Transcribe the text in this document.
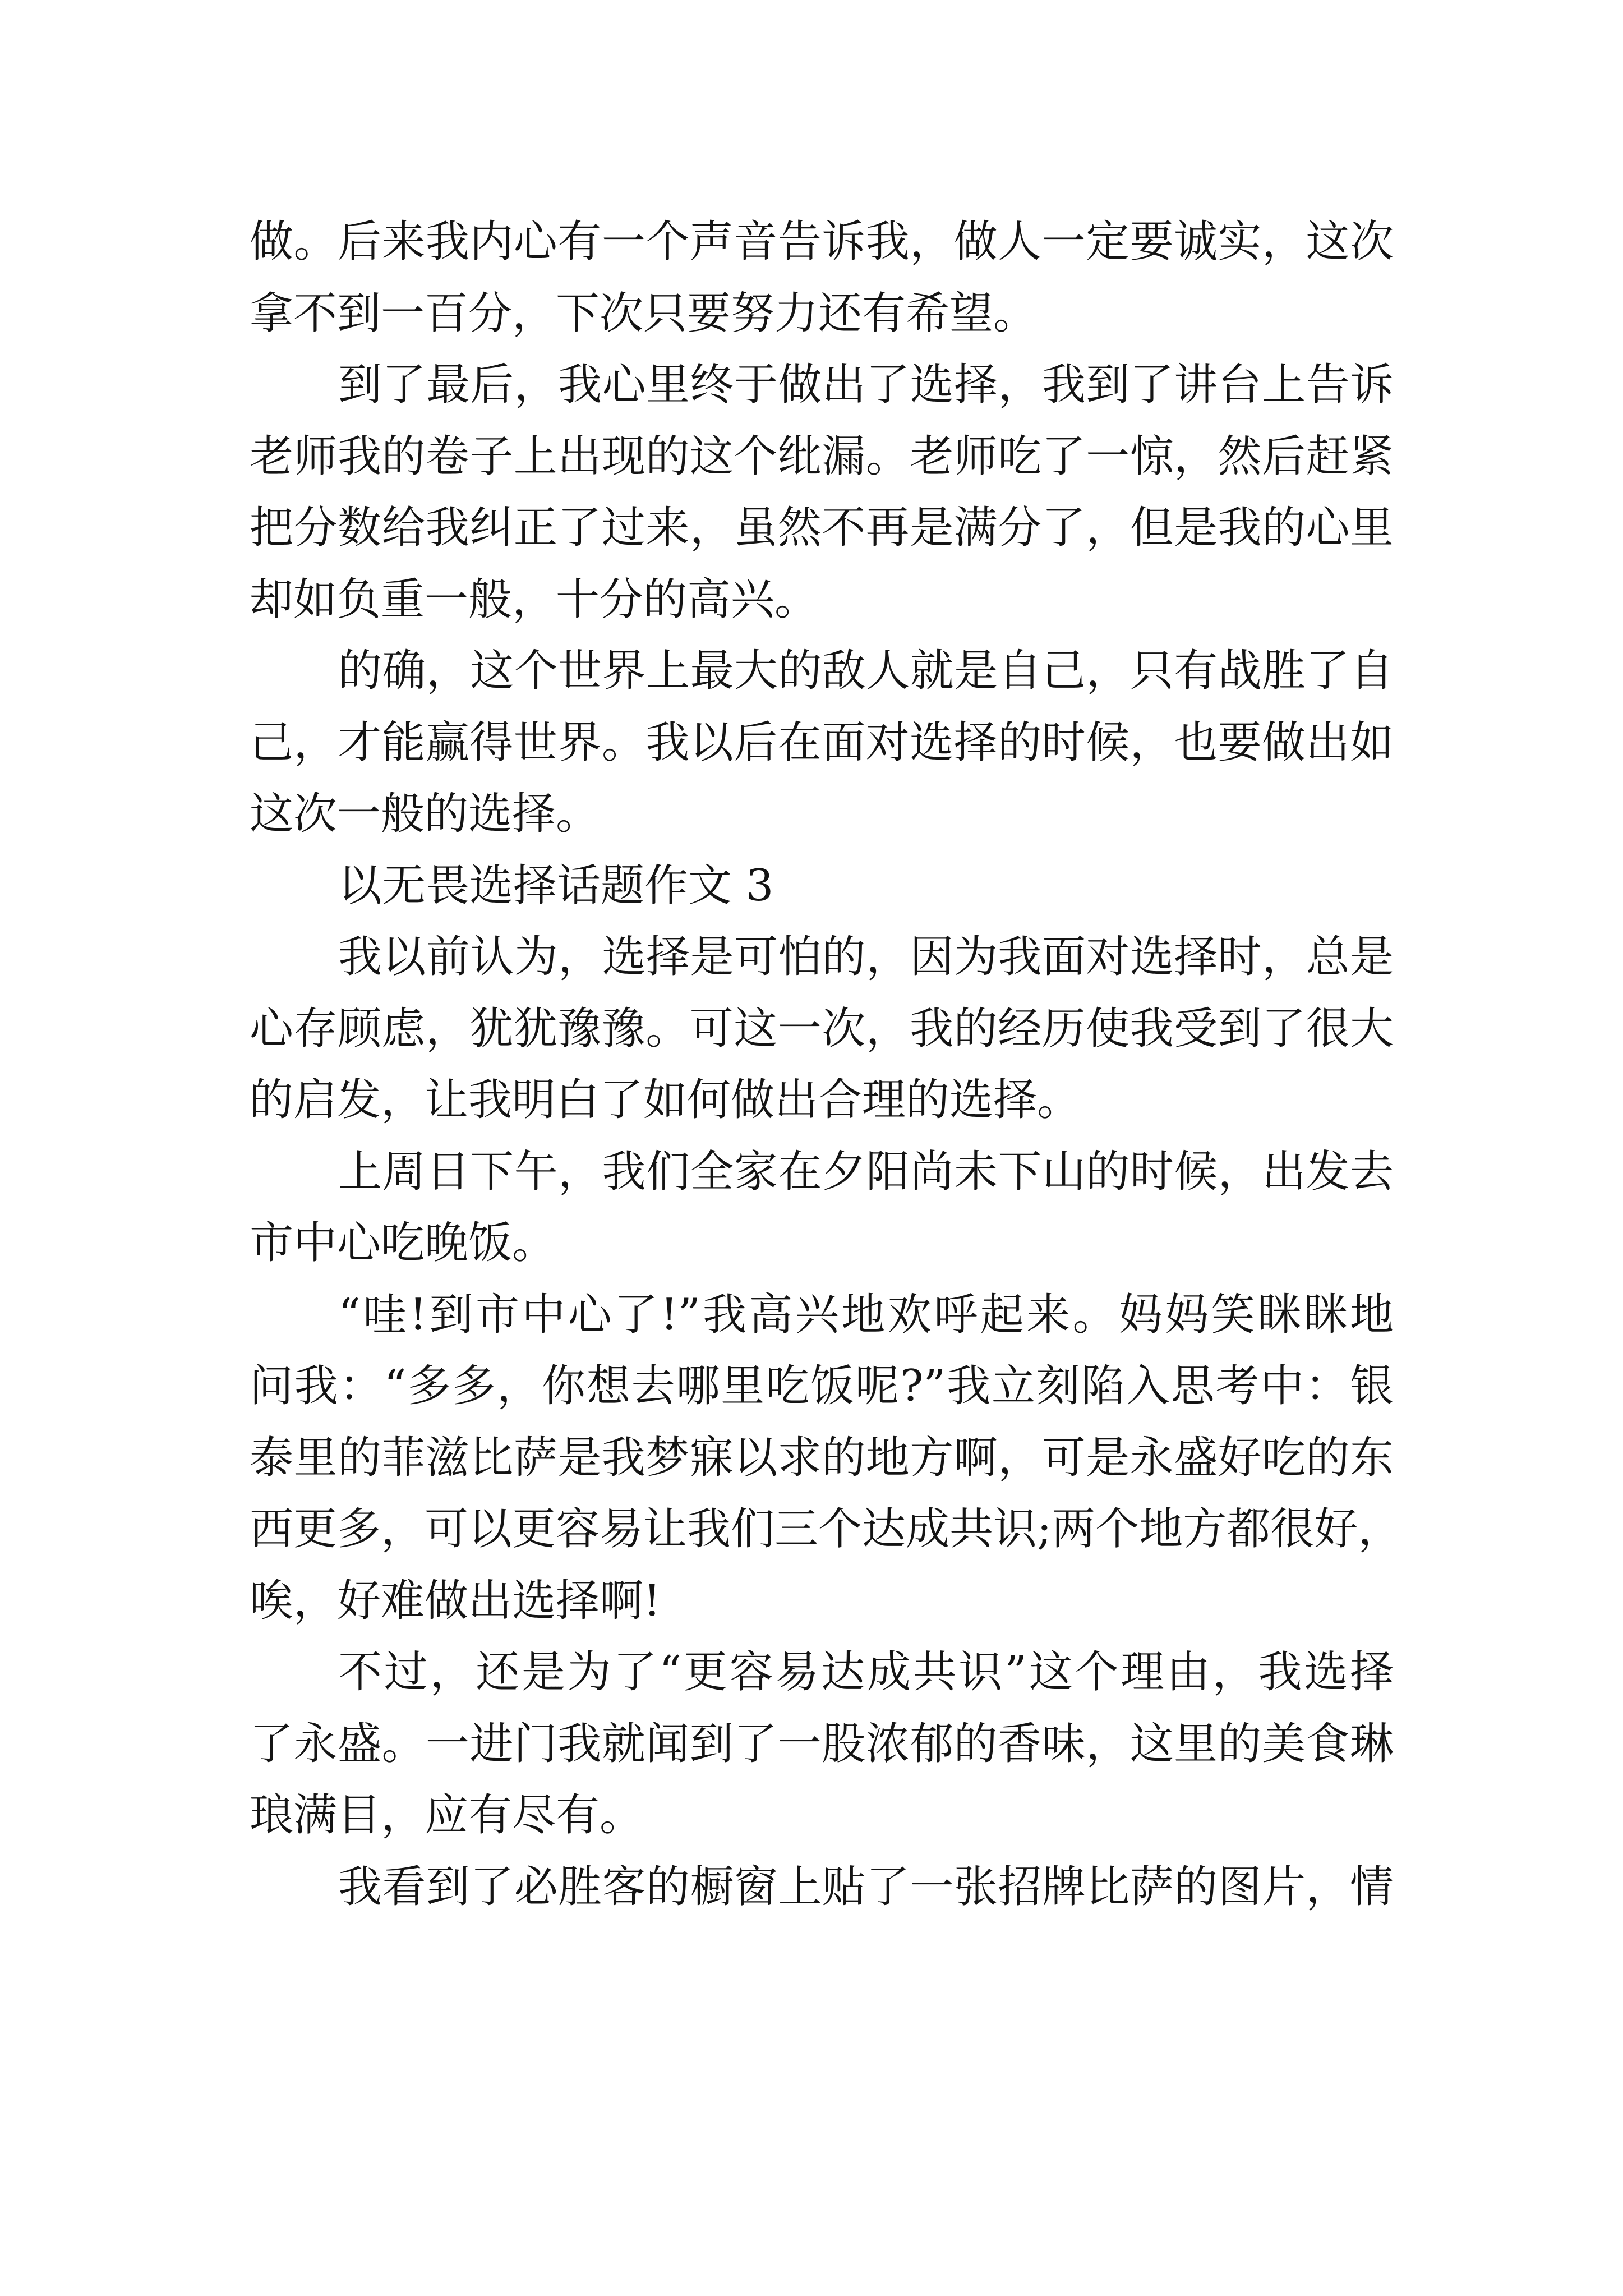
做。后来我内心有一个声音告诉我，做人一定要诚实，这次
拿不到一百分，下次只要努力还有希望。
到了最后，我心里终于做出了选择，我到了讲台上告诉
老师我的卷子上出现的这个纰漏。老师吃了一惊，然后赶紧
把分数给我纠正了过来，虽然不再是满分了，但是我的心里
却如负重一般，十分的高兴。
的确，这个世界上最大的敌人就是自己，只有战胜了自
己，才能赢得世界。我以后在面对选择的时候，也要做出如
这次一般的选择。
以无畏选择话题作文 3
我以前认为，选择是可怕的，因为我面对选择时，总是
心存顾虑，犹犹豫豫。可这一次，我的经历使我受到了很大
的启发，让我明白了如何做出合理的选择。
上周日下午，我们全家在夕阳尚未下山的时候，出发去
市中心吃晚饭。
“哇!到市中心了!”我高兴地欢呼起来。妈妈笑眯眯地
问我：“多多，你想去哪里吃饭呢?”我立刻陷入思考中：银
泰里的菲滋比萨是我梦寐以求的地方啊，可是永盛好吃的东
西更多，可以更容易让我们三个达成共识;两个地方都很好，
唉，好难做出选择啊!
不过，还是为了“更容易达成共识”这个理由，我选择
了永盛。一进门我就闻到了一股浓郁的香味，这里的美食琳
琅满目，应有尽有。
我看到了必胜客的橱窗上贴了一张招牌比萨的图片，情
